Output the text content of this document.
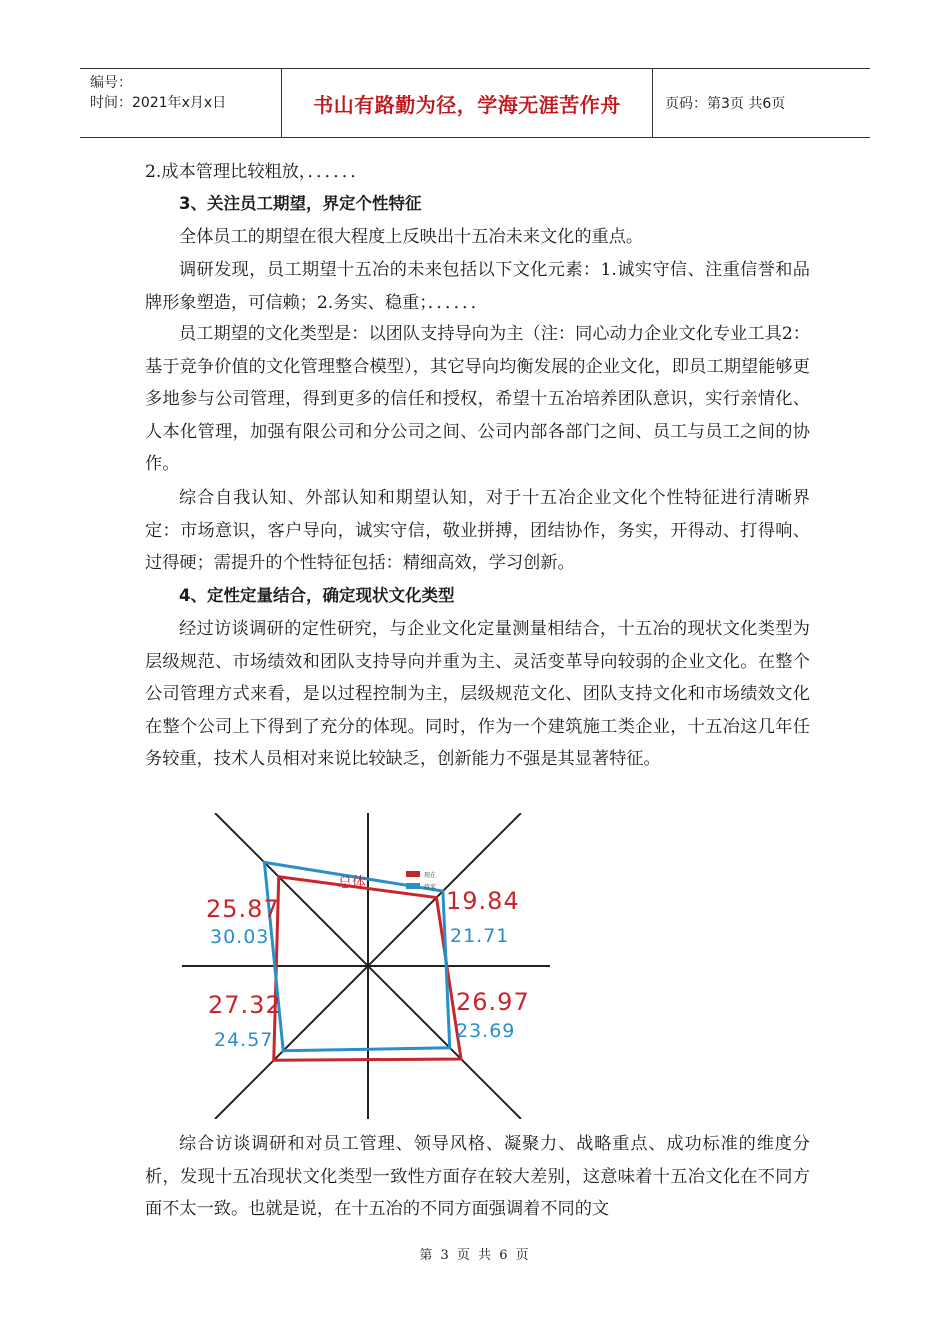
编号：
时间：2021年x月x日	书山有路勤为径，学海无涯苦作舟	页码：第3页 共6页

2.成本管理比较粗放，．．．．．．

3、关注员工期望，界定个性特征

全体员工的期望在很大程度上反映出十五冶未来文化的重点。

调研发现，员工期望十五冶的未来包括以下文化元素：1.诚实守信、注重信誉和品牌形象塑造，可信赖；2.务实、稳重；．．．．．．

员工期望的文化类型是：以团队支持导向为主（注：同心动力企业文化专业工具2：基于竞争价值的文化管理整合模型），其它导向均衡发展的企业文化，即员工期望能够更多地参与公司管理，得到更多的信任和授权，希望十五冶培养团队意识，实行亲情化、人本化管理，加强有限公司和分公司之间、公司内部各部门之间、员工与员工之间的协作。

综合自我认知、外部认知和期望认知，对于十五冶企业文化个性特征进行清晰界定：市场意识，客户导向，诚实守信，敬业拼搏，团结协作，务实，开得动、打得响、过得硬；需提升的个性特征包括：精细高效，学习创新。

4、定性定量结合，确定现状文化类型

经过访谈调研的定性研究，与企业文化定量测量相结合，十五冶的现状文化类型为层级规范、市场绩效和团队支持导向并重为主、灵活变革导向较弱的企业文化。在整个公司管理方式来看，是以过程控制为主，层级规范文化、团队支持文化和市场绩效文化在整个公司上下得到了充分的体现。同时，作为一个建筑施工类企业，十五冶这几年任务较重，技术人员相对来说比较缺乏，创新能力不强是其显著特征。

25.87	19.84
26.97
27.32
30.03	21.71
23.69
24.57
总体	现在
将来

综合访谈调研和对员工管理、领导风格、凝聚力、战略重点、成功标准的维度分析，发现十五冶现状文化类型一致性方面存在较大差别，这意味着十五冶文化在不同方面不太一致。也就是说，在十五冶的不同方面强调着不同的文

第 3 页 共 6 页
